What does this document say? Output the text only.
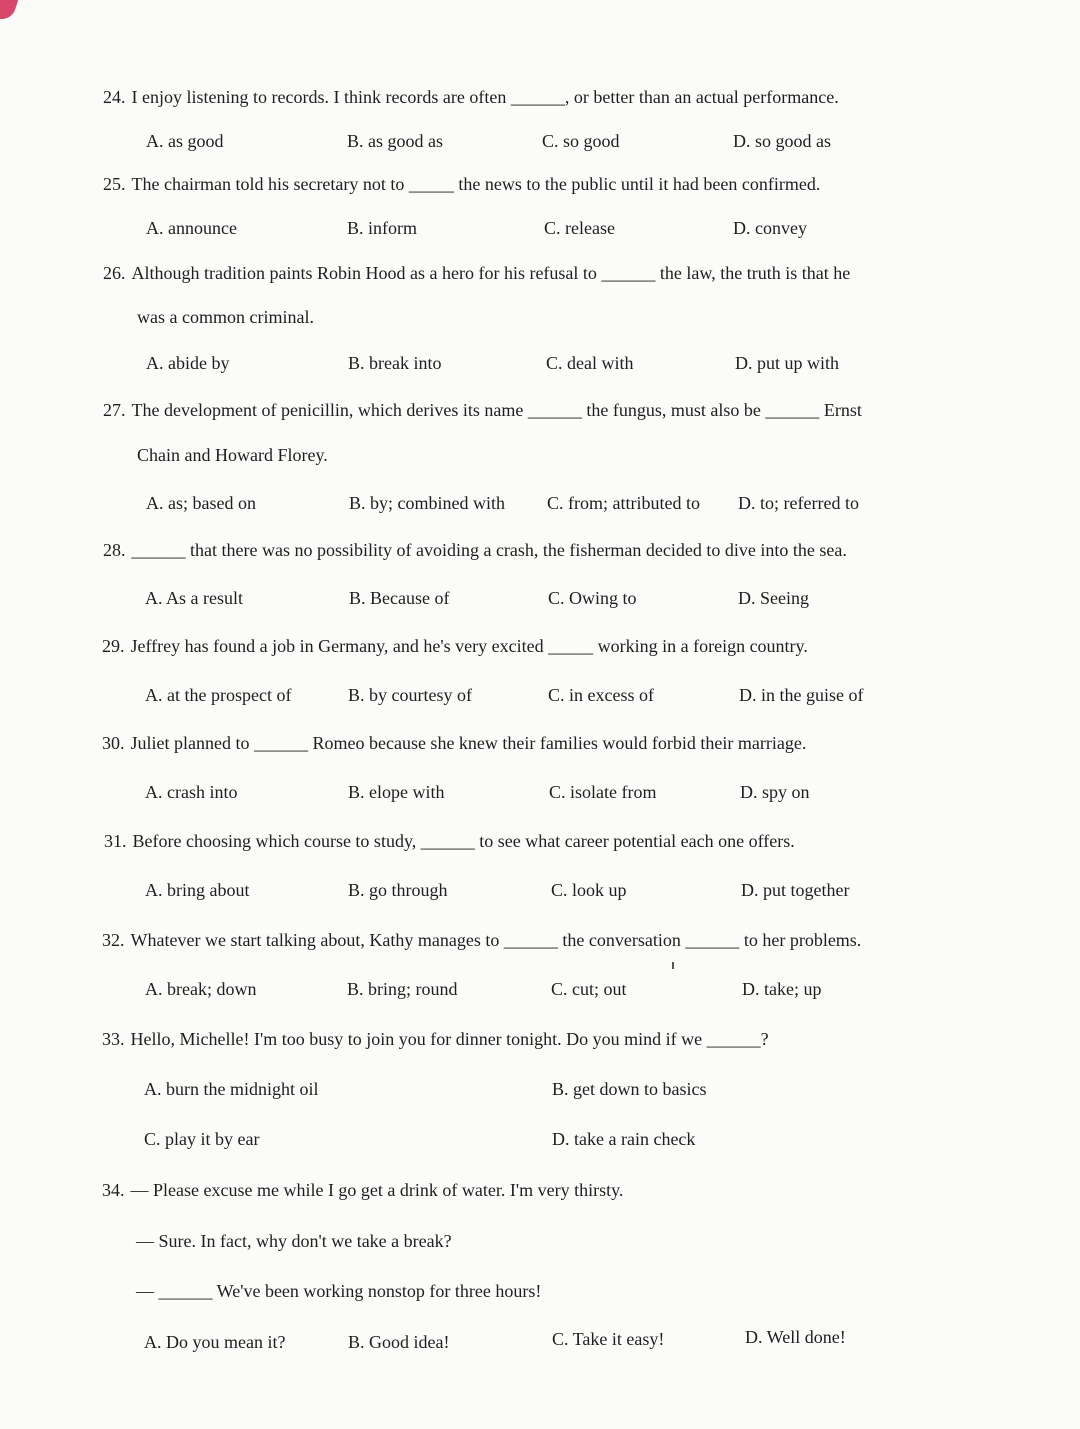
24. I enjoy listening to records. I think records are often ______, or better than an actual performance.
A. as good	B. as good as	C. so good	D. so good as
25. The chairman told his secretary not to _____ the news to the public until it had been confirmed.
A. announce	B. inform	C. release	D. convey
26. Although tradition paints Robin Hood as a hero for his refusal to ______ the law, the truth is that he
was a common criminal.
A. abide by	B. break into	C. deal with	D. put up with
27. The development of penicillin, which derives its name ______ the fungus, must also be ______ Ernst
Chain and Howard Florey.
A. as; based on	B. by; combined with C. from; attributed to D. to; referred to
28. ______ that there was no possibility of avoiding a crash, the fisherman decided to dive into the sea.
A. As a result	B. Because of	C. Owing to	D. Seeing
29. Jeffrey has found a job in Germany, and he's very excited _____ working in a foreign country.
A. at the prospect of	B. by courtesy of	C. in excess of	D. in the guise of
30. Juliet planned to ______ Romeo because she knew their families would forbid their marriage.
A. crash into	B. elope with	C. isolate from	D. spy on
31. Before choosing which course to study, ______ to see what career potential each one offers.
A. bring about	B. go through	C. look up	D. put together
32. Whatever we start talking about, Kathy manages to ______ the conversation ______ to her problems.
A. break; down	B. bring; round	C. cut; out	D. take; up
33. Hello, Michelle! I'm too busy to join you for dinner tonight. Do you mind if we ______?
A. burn the midnight oil	B. get down to basics
C. play it by ear	D. take a rain check
34. — Please excuse me while I go get a drink of water. I'm very thirsty.
— Sure. In fact, why don't we take a break?
— ______ We've been working nonstop for three hours!
A. Do you mean it?	B. Good idea!	C. Take it easy!	D. Well done!
